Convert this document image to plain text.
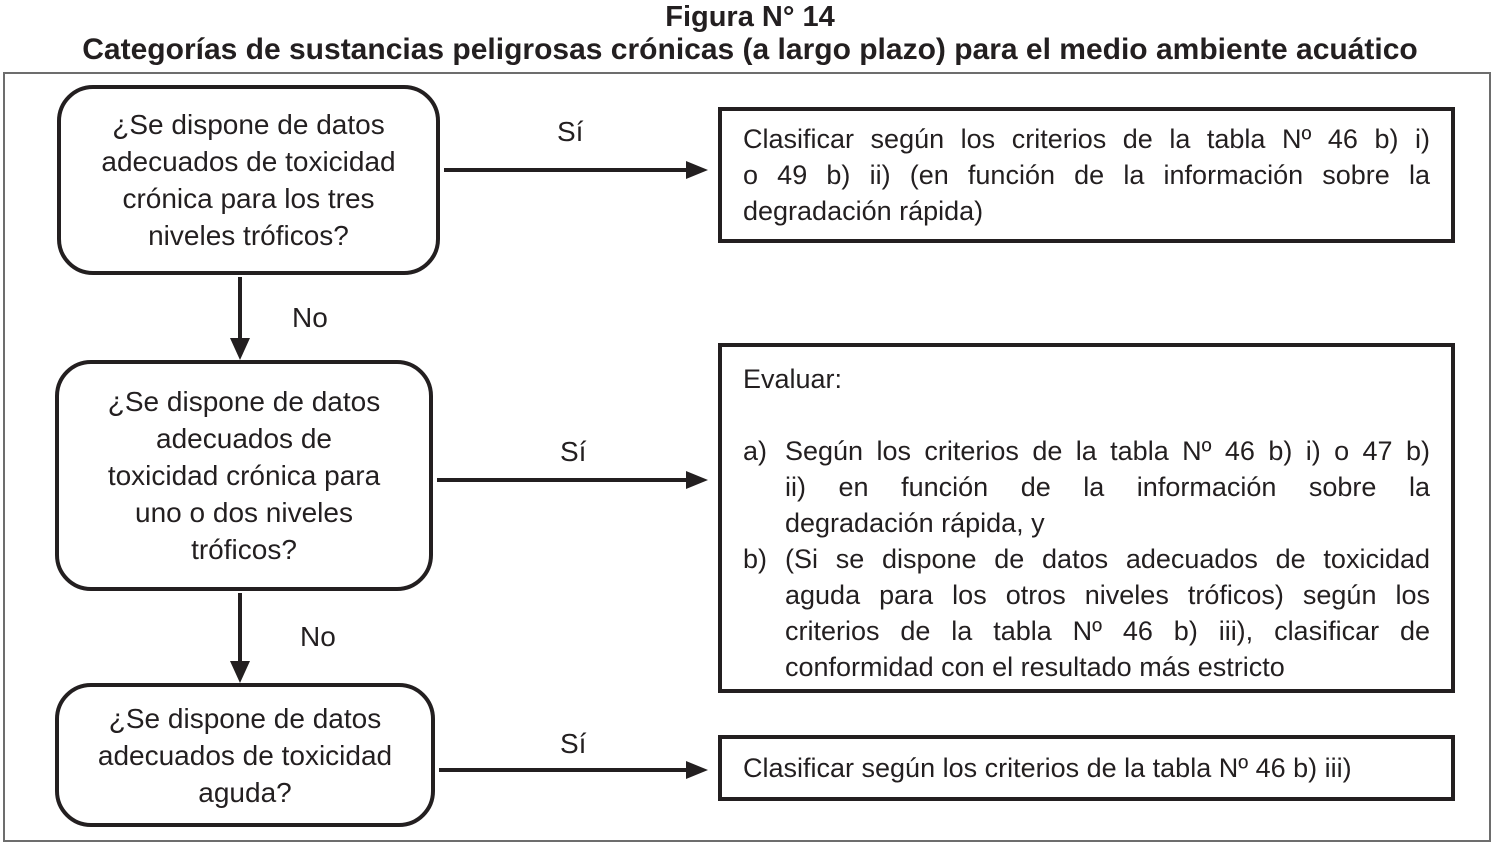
Figura N° 14
Categorías de sustancias peligrosas crónicas (a largo plazo) para el medio ambiente acuático
¿Se dispone de datos
adecuados de toxicidad
crónica para los tres
niveles tróficos?
¿Se dispone de datos
adecuados de
toxicidad crónica para
uno o dos niveles
tróficos?
¿Se dispone de datos
adecuados de toxicidad
aguda?
Clasificar según los criterios de la tabla Nº 46 b) i)
o 49 b) ii) (en función de la información sobre la
degradación rápida)
Evaluar:
a) Según los criterios de la tabla Nº 46 b) i) o 47 b)
ii) en función de la información sobre la
degradación rápida, y
b) (Si se dispone de datos adecuados de toxicidad
aguda para los otros niveles tróficos) según los
criterios de la tabla Nº 46 b) iii), clasificar de
conformidad con el resultado más estricto
Clasificar según los criterios de la tabla Nº 46 b) iii)
Sí
Sí
Sí
No
No
